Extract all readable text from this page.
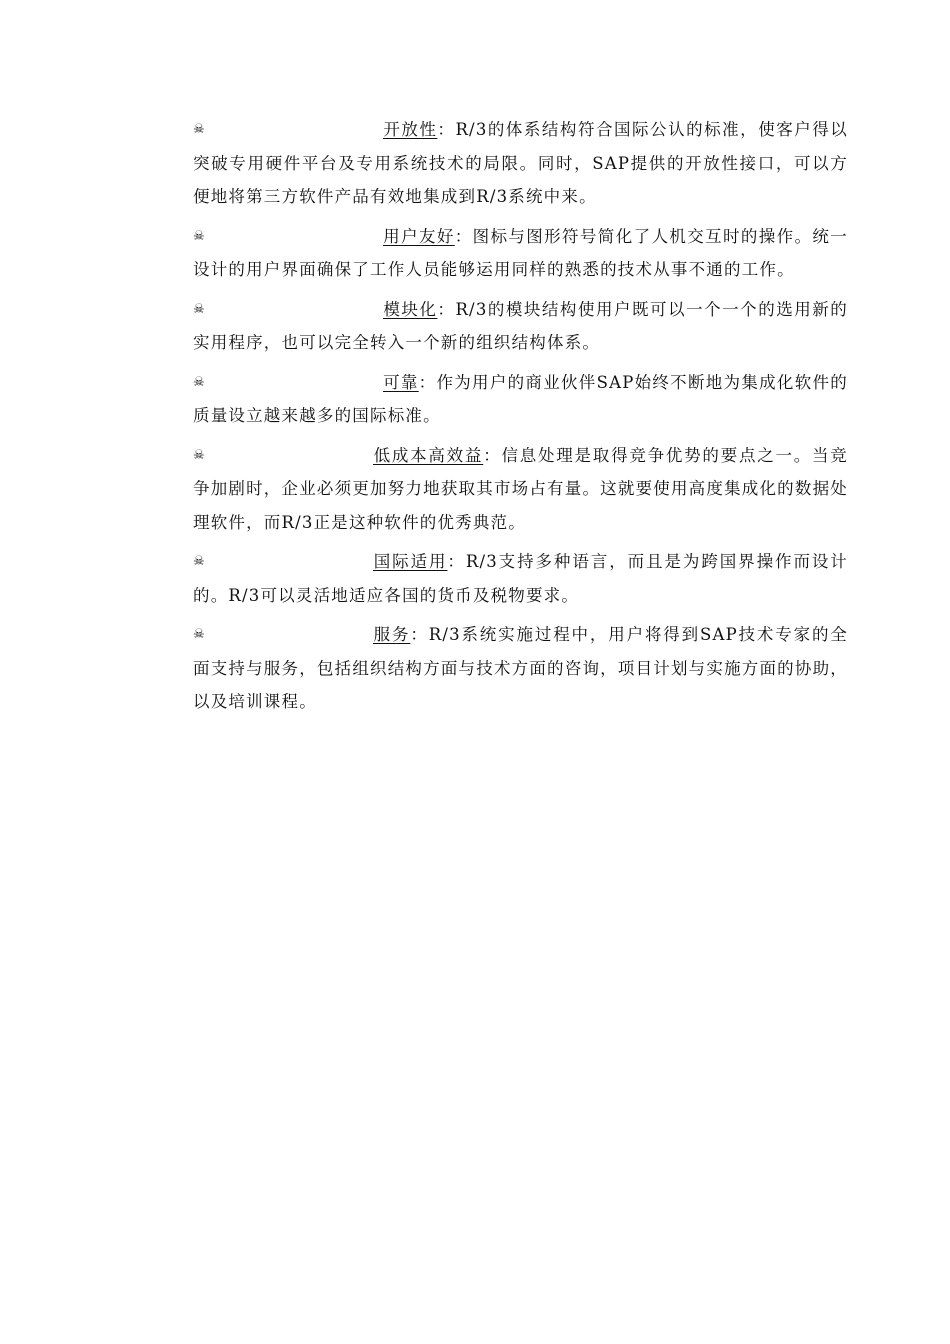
☠	开放性：R/3的体系结构符合国际公认的标准，使客户得以突破专用硬件平台及专用系统技术的局限。同时，SAP提供的开放性接口，可以方便地将第三方软件产品有效地集成到R/3系统中来。

☠	用户友好：图标与图形符号简化了人机交互时的操作。统一设计的用户界面确保了工作人员能够运用同样的熟悉的技术从事不通的工作。

☠	模块化：R/3的模块结构使用户既可以一个一个的选用新的实用程序，也可以完全转入一个新的组织结构体系。

☠	可靠：作为用户的商业伙伴SAP始终不断地为集成化软件的质量设立越来越多的国际标准。

☠	低成本高效益：信息处理是取得竞争优势的要点之一。当竞争加剧时，企业必须更加努力地获取其市场占有量。这就要使用高度集成化的数据处理软件，而R/3正是这种软件的优秀典范。

☠	国际适用：R/3支持多种语言，而且是为跨国界操作而设计的。R/3可以灵活地适应各国的货币及税物要求。

☠	服务：R/3系统实施过程中，用户将得到SAP技术专家的全面支持与服务，包括组织结构方面与技术方面的咨询，项目计划与实施方面的协助，以及培训课程。
